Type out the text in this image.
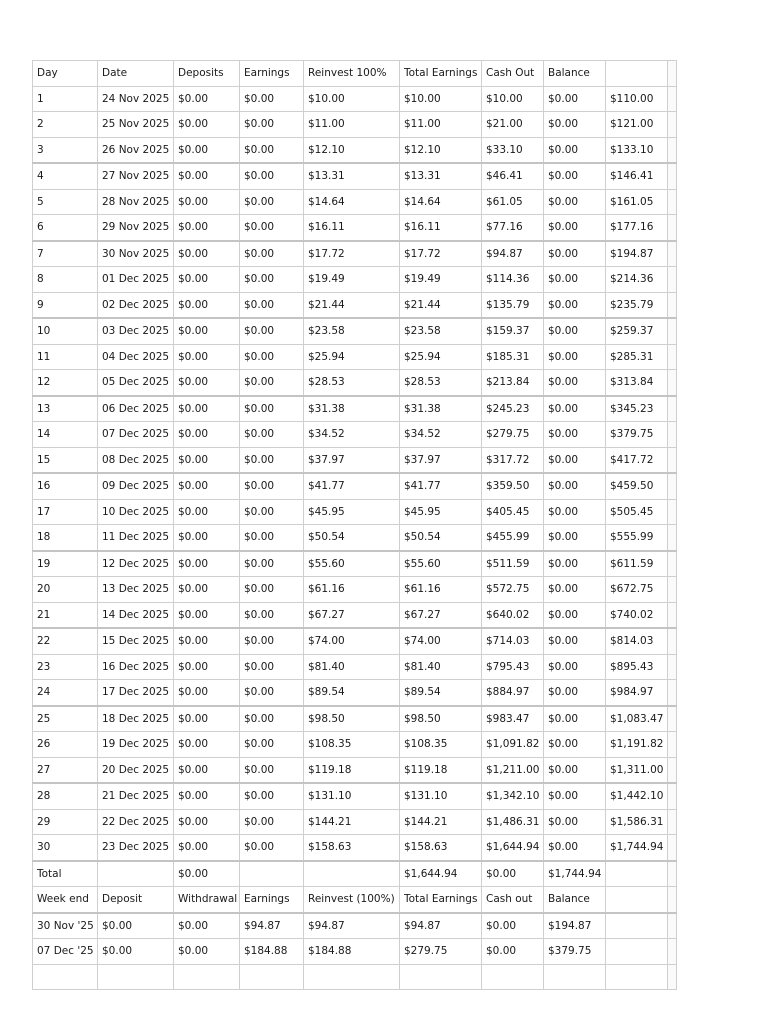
Day	Date	Deposits	Earnings	Reinvest 100%	Total Earnings	Cash Out	Balance		
1	24 Nov 2025	$0.00	$0.00	$10.00	$10.00	$10.00	$0.00	$110.00	
2	25 Nov 2025	$0.00	$0.00	$11.00	$11.00	$21.00	$0.00	$121.00	
3	26 Nov 2025	$0.00	$0.00	$12.10	$12.10	$33.10	$0.00	$133.10	
4	27 Nov 2025	$0.00	$0.00	$13.31	$13.31	$46.41	$0.00	$146.41	
5	28 Nov 2025	$0.00	$0.00	$14.64	$14.64	$61.05	$0.00	$161.05	
6	29 Nov 2025	$0.00	$0.00	$16.11	$16.11	$77.16	$0.00	$177.16	
7	30 Nov 2025	$0.00	$0.00	$17.72	$17.72	$94.87	$0.00	$194.87	
8	01 Dec 2025	$0.00	$0.00	$19.49	$19.49	$114.36	$0.00	$214.36	
9	02 Dec 2025	$0.00	$0.00	$21.44	$21.44	$135.79	$0.00	$235.79	
10	03 Dec 2025	$0.00	$0.00	$23.58	$23.58	$159.37	$0.00	$259.37	
11	04 Dec 2025	$0.00	$0.00	$25.94	$25.94	$185.31	$0.00	$285.31	
12	05 Dec 2025	$0.00	$0.00	$28.53	$28.53	$213.84	$0.00	$313.84	
13	06 Dec 2025	$0.00	$0.00	$31.38	$31.38	$245.23	$0.00	$345.23	
14	07 Dec 2025	$0.00	$0.00	$34.52	$34.52	$279.75	$0.00	$379.75	
15	08 Dec 2025	$0.00	$0.00	$37.97	$37.97	$317.72	$0.00	$417.72	
16	09 Dec 2025	$0.00	$0.00	$41.77	$41.77	$359.50	$0.00	$459.50	
17	10 Dec 2025	$0.00	$0.00	$45.95	$45.95	$405.45	$0.00	$505.45	
18	11 Dec 2025	$0.00	$0.00	$50.54	$50.54	$455.99	$0.00	$555.99	
19	12 Dec 2025	$0.00	$0.00	$55.60	$55.60	$511.59	$0.00	$611.59	
20	13 Dec 2025	$0.00	$0.00	$61.16	$61.16	$572.75	$0.00	$672.75	
21	14 Dec 2025	$0.00	$0.00	$67.27	$67.27	$640.02	$0.00	$740.02	
22	15 Dec 2025	$0.00	$0.00	$74.00	$74.00	$714.03	$0.00	$814.03	
23	16 Dec 2025	$0.00	$0.00	$81.40	$81.40	$795.43	$0.00	$895.43	
24	17 Dec 2025	$0.00	$0.00	$89.54	$89.54	$884.97	$0.00	$984.97	
25	18 Dec 2025	$0.00	$0.00	$98.50	$98.50	$983.47	$0.00	$1,083.47	
26	19 Dec 2025	$0.00	$0.00	$108.35	$108.35	$1,091.82	$0.00	$1,191.82	
27	20 Dec 2025	$0.00	$0.00	$119.18	$119.18	$1,211.00	$0.00	$1,311.00	
28	21 Dec 2025	$0.00	$0.00	$131.10	$131.10	$1,342.10	$0.00	$1,442.10	
29	22 Dec 2025	$0.00	$0.00	$144.21	$144.21	$1,486.31	$0.00	$1,586.31	
30	23 Dec 2025	$0.00	$0.00	$158.63	$158.63	$1,644.94	$0.00	$1,744.94	
Total		$0.00			$1,644.94	$0.00	$1,744.94		
Week end	Deposit	Withdrawal	Earnings	Reinvest (100%)	Total Earnings	Cash out	Balance		
30 Nov '25	$0.00	$0.00	$94.87	$94.87	$94.87	$0.00	$194.87		
07 Dec '25	$0.00	$0.00	$184.88	$184.88	$279.75	$0.00	$379.75		
